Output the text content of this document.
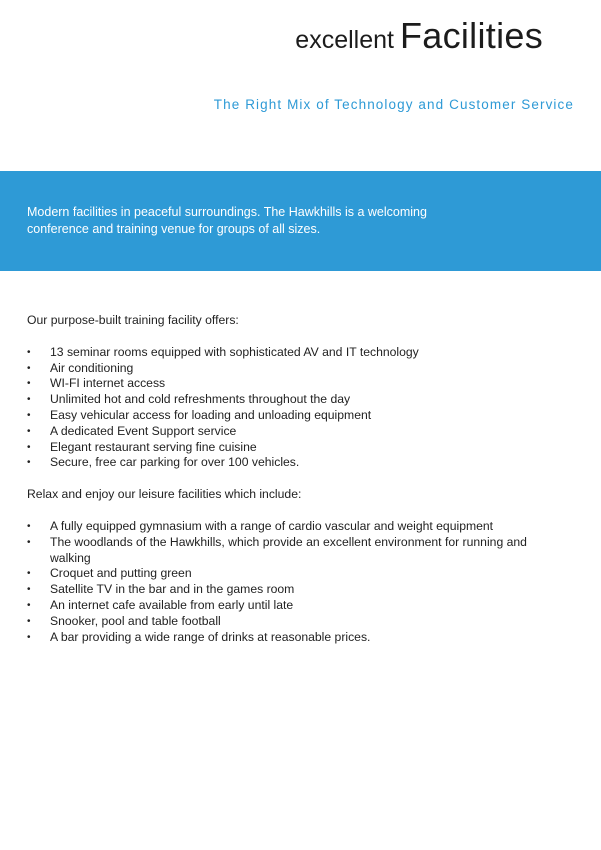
excellent Facilities
The Right Mix of Technology and Customer Service
Modern facilities in peaceful surroundings. The Hawkhills is a welcoming conference and training venue for groups of all sizes.

Our purpose-built training facility offers:

• 13 seminar rooms equipped with sophisticated AV and IT technology
• Air conditioning
• WI-FI internet access
• Unlimited hot and cold refreshments throughout the day
• Easy vehicular access for loading and unloading equipment
• A dedicated Event Support service
• Elegant restaurant serving fine cuisine
• Secure, free car parking for over 100 vehicles.

Relax and enjoy our leisure facilities which include:

• A fully equipped gymnasium with a range of cardio vascular and weight equipment
• The woodlands of the Hawkhills, which provide an excellent environment for running and walking
• Croquet and putting green
• Satellite TV in the bar and in the games room
• An internet cafe available from early until late
• Snooker, pool and table football
• A bar providing a wide range of drinks at reasonable prices.
